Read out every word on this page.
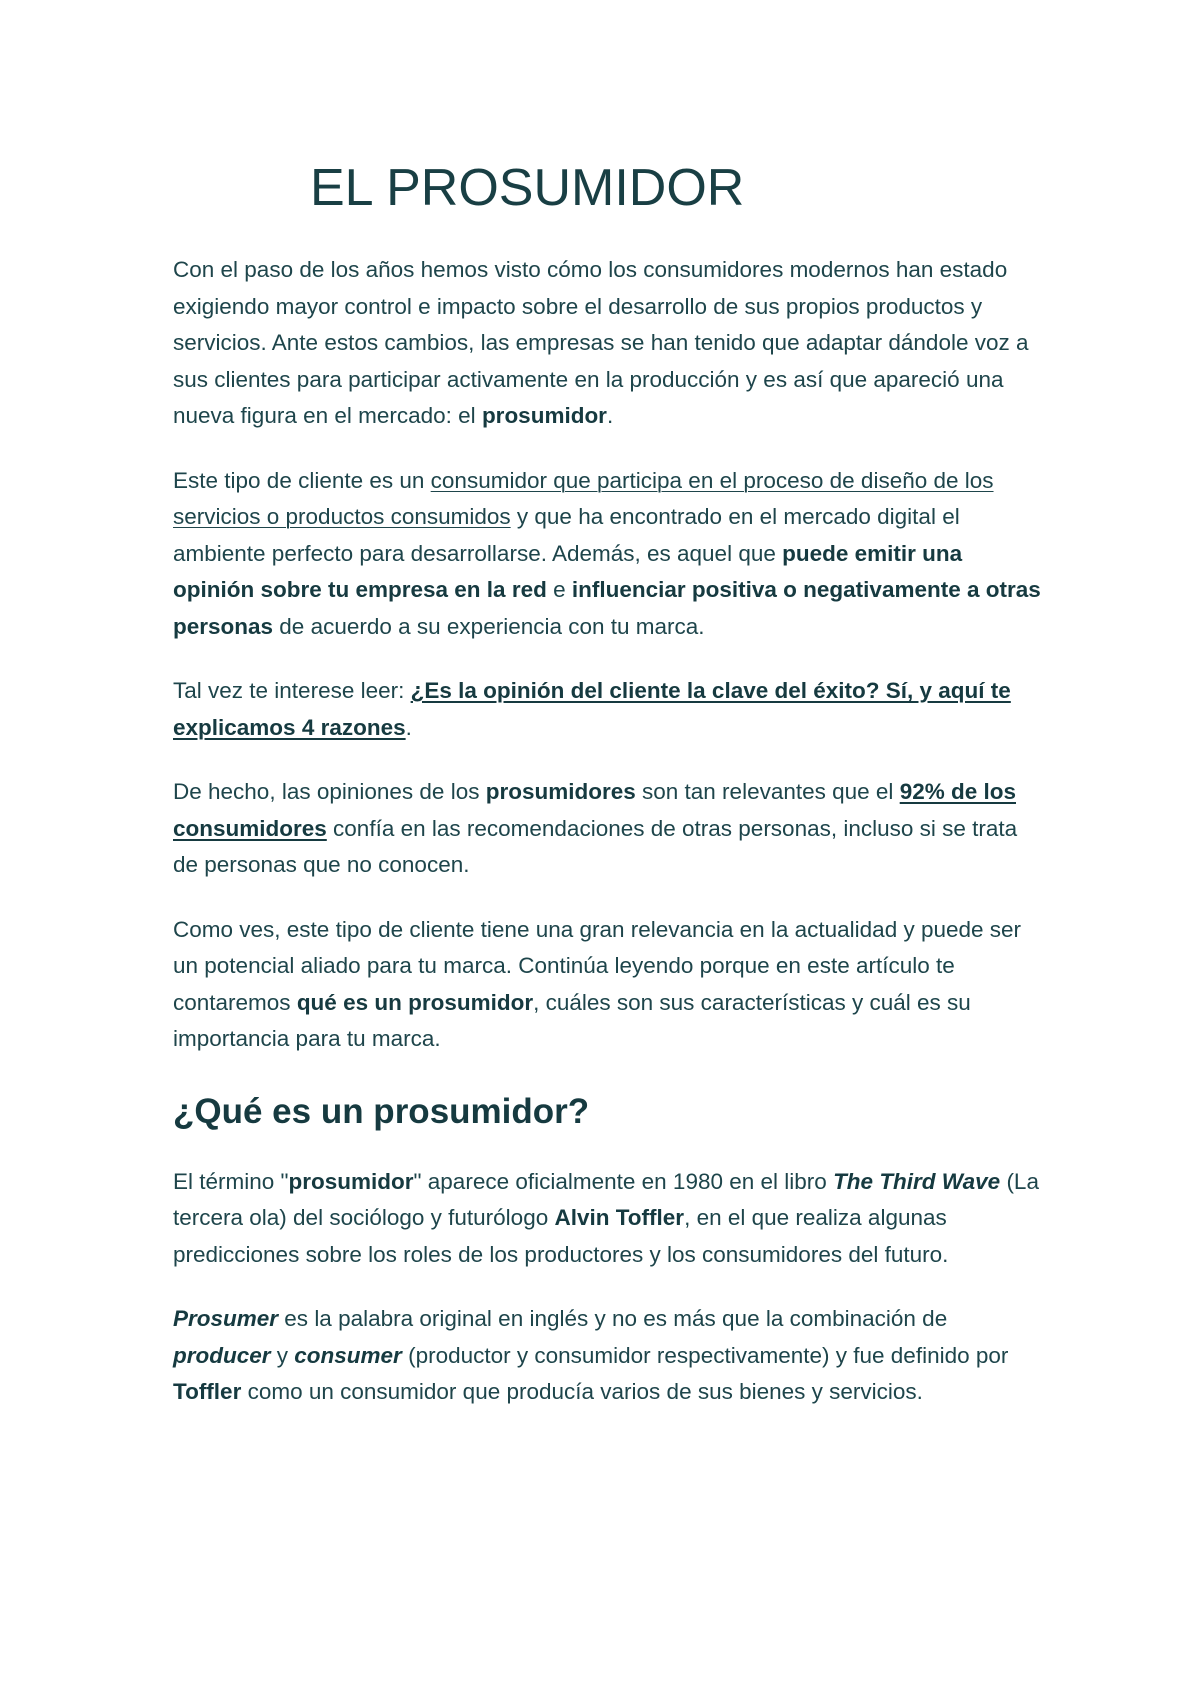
EL PROSUMIDOR

Con el paso de los años hemos visto cómo los consumidores modernos han estado exigiendo mayor control e impacto sobre el desarrollo de sus propios productos y servicios. Ante estos cambios, las empresas se han tenido que adaptar dándole voz a sus clientes para participar activamente en la producción y es así que apareció una nueva figura en el mercado: el prosumidor.

Este tipo de cliente es un consumidor que participa en el proceso de diseño de los servicios o productos consumidos y que ha encontrado en el mercado digital el ambiente perfecto para desarrollarse. Además, es aquel que puede emitir una opinión sobre tu empresa en la red e influenciar positiva o negativamente a otras personas de acuerdo a su experiencia con tu marca.

Tal vez te interese leer: ¿Es la opinión del cliente la clave del éxito? Sí, y aquí te explicamos 4 razones.

De hecho, las opiniones de los prosumidores son tan relevantes que el 92% de los consumidores confía en las recomendaciones de otras personas, incluso si se trata de personas que no conocen.

Como ves, este tipo de cliente tiene una gran relevancia en la actualidad y puede ser un potencial aliado para tu marca. Continúa leyendo porque en este artículo te contaremos qué es un prosumidor, cuáles son sus características y cuál es su importancia para tu marca.

¿Qué es un prosumidor?

El término "prosumidor" aparece oficialmente en 1980 en el libro The Third Wave (La tercera ola) del sociólogo y futurólogo Alvin Toffler, en el que realiza algunas predicciones sobre los roles de los productores y los consumidores del futuro.

Prosumer es la palabra original en inglés y no es más que la combinación de producer y consumer (productor y consumidor respectivamente) y fue definido por Toffler como un consumidor que producía varios de sus bienes y servicios.
